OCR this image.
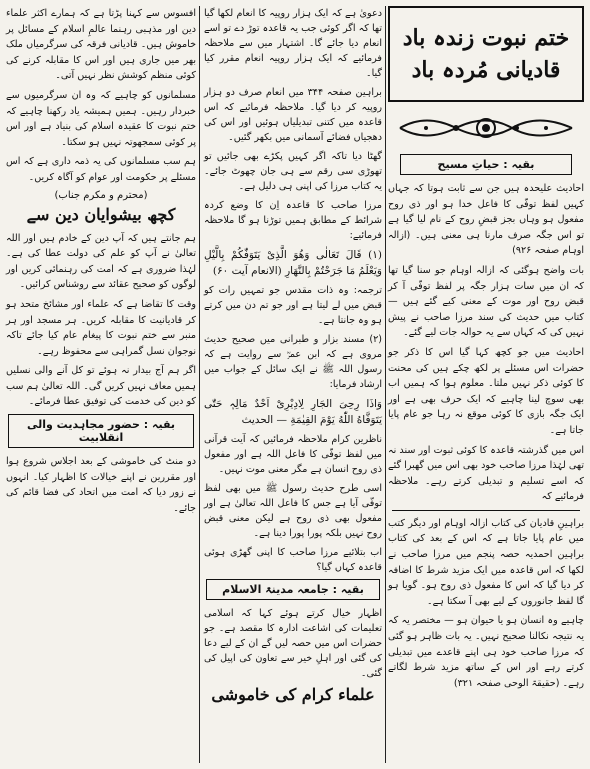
ختم نبوت زندہ باد
قادیانی مُردہ باد
بقیہ : حیاتِ مسیح

احادیث علیحدہ ہیں جن سے ثابت ہوتا کہ جہاں کہیں لفظ توفّی کا فاعل خدا ہو اور ذی روح مفعول ہو وہاں بجز قبضِ روح کے نام لیا گیا ہے تو اس جگہ صرف مارنا ہی معنی ہیں۔ (ازالہ اوہام صفحہ ۹۲۶)

بات واضح ہوگئی کہ ازالہ اوہام جو سنا گیا تھا کہ ان میں سات ہزار جگہ پر لفظ توفّی آ کر قبض روح اور موت کے معنی کیے گئے ہیں — کتاب میں حدیث کی سند مرزا صاحب نے پیش نہیں کی کہ کہاں سے یہ حوالہ جات لیے گئے۔

احادیث میں جو کچھ کہا گیا اس کا ذکر جو حضرات اس مسئلے پر لکھ چکے ہیں کی محنت کا کوئی ذکر نہیں ملتا۔ معلوم ہوا کہ ہمیں اب بھی سوچ لینا چاہیے کہ ایک حرف بھی ہے اور ایک جگہ بازی کا کوئی موقع نہ رہا جو عام پایا جاتا ہے۔

اس میں گذرشتہ قاعدہ کا کوئی ثبوت اور سند نہ تھی لہٰذا مرزا صاحب خود بھی اس میں گھبرا گئے کہ اسے تسلیم و تبدیلی کرتے رہے۔ ملاحظہ فرمائیے کہ

براہینِ قادیان کی کتاب ازالہ اوہام اور دیگر کتب میں عام پایا جاتا ہے کہ اس کے بعد کی کتاب براہین احمدیہ حصہ پنجم میں مرزا صاحب نے لکھا کہ اس قاعدہ میں ایک مزید شرط کا اضافہ کر دیا گیا کہ اس کا مفعول ذی روح ہو۔ گویا ہو گا لفظ جانوروں کے لیے بھی آ سکتا ہے۔

چاہیے وہ انسان ہو یا حیوان ہو — مختصر یہ کہ یہ نتیجہ نکالنا صحیح نہیں۔ یہ بات ظاہر ہو گئی کہ مرزا صاحب خود ہی اپنے قاعدے میں تبدیلی کرتے رہے اور اس کے ساتھ مزید شرط لگاتے رہے۔ (حقیقۃ الوحی صفحہ ۳۲۱)

دعویٰ ہے کہ ایک ہزار روپیہ کا انعام لکھا گیا تھا کہ اگر کوئی جب یہ قاعدہ توڑ دے تو اسے انعام دیا جائے گا۔ اشتہار میں سے ملاحظہ فرمائیے کہ ایک ہزار روپیہ انعام مقرر کیا گیا۔

براہین صفحہ ۳۴۴ میں انعام صرف دو ہزار روپیہ کر دیا گیا۔ ملاحظہ فرمائیے کہ اس قاعدہ میں کتنی تبدیلیاں ہوئیں اور اس کی دھجیاں فضائے آسمانی میں بکھر گئیں۔

گھٹا دیا تاکہ اگر کہیں پکڑے بھی جائیں تو تھوڑی سی رقم سے ہی جان چھوٹ جائے۔ یہ کتاب مرزا کی اپنی ہی دلیل ہے۔

مرزا صاحب کا قاعدہ اِن کا وضع کردہ شرائط کے مطابق ہمیں توڑنا ہو گا ملاحظہ فرمائیے:

(۱) قَالَ تَعَالٰی وَهُوَ الَّذِیْ یَتَوَفّٰکُمْ بِالَّیْلِ وَیَعْلَمُ مَا جَرَحْتُمْ بِالنَّهَارِ (الانعام آیت ۶۰)

ترجمہ: وہ ذات مقدس جو تمہیں رات کو قبض میں لے لیتا ہے اور جو تم دن میں کرتے ہو وہ جانتا ہے۔

(۲) مسند بزار و طبرانی میں صحیح حدیث مروی ہے کہ ابن عمرؓ سے روایت ہے کہ رسول اللہ ﷺ نے ایک سائل کے جواب میں ارشاد فرمایا:

وَاذَا رِحِیَ الجَارِ لِادِیْرِیْ اَحْدٌ مَالِہٖ حَتّٰی یَتَوَفَّاهُ اللّٰهُ یَوْمَ القِیٰمَةِ — الحدیث

ناظرین کرام ملاحظہ فرمائیں کہ آیت قرآنی میں لفظ توفّی کا فاعل اللہ ہے اور مفعول ذی روح انسان ہے مگر معنی موت نہیں۔

اسی طرح حدیث رسول ﷺ میں بھی لفظ توفّی آیا ہے جس کا فاعل اللہ تعالیٰ ہے اور مفعول بھی ذی روح ہے لیکن معنی قبض روح نہیں بلکہ پورا پورا دینا ہے۔

اب بتلائیے مرزا صاحب کا اپنی گھڑی ہوئی قاعدہ کہاں گیا؟

بقیہ : جامعہ مدینۃ الاسلام

اظہار خیال کرتے ہوئے کہا کہ اسلامی تعلیمات کی اشاعت ادارہ کا مقصد ہے۔ جو حضرات اس میں حصہ لیں گے ان کے لیے دعا کی گئی اور اہلِ خیر سے تعاون کی اپیل کی گئی۔

علماء کرام کی خاموشی

افسوس سے کہنا پڑتا ہے کہ ہمارے اکثر علماء دین اور مذہبی رہنما عالمِ اسلام کے مسائل پر خاموش ہیں۔ قادیانی فرقہ کی سرگرمیاں ملک بھر میں جاری ہیں اور اس کا مقابلہ کرنے کی کوئی منظم کوشش نظر نہیں آتی۔

مسلمانوں کو چاہیے کہ وہ ان سرگرمیوں سے خبردار رہیں۔ ہمیں ہمیشہ یاد رکھنا چاہیے کہ ختم نبوت کا عقیدہ اسلام کی بنیاد ہے اور اس پر کوئی سمجھوتہ نہیں ہو سکتا۔

ہم سب مسلمانوں کی یہ ذمہ داری ہے کہ اس مسئلے پر حکومت اور عوام کو آگاہ کریں۔

(محترم و مکرم جناب)
کچھ بیشوایان دین سے

ہم جانتے ہیں کہ آپ دین کے خادم ہیں اور اللہ تعالیٰ نے آپ کو علم کی دولت عطا کی ہے۔ لہٰذا ضروری ہے کہ امت کی رہنمائی کریں اور لوگوں کو صحیح عقائد سے روشناس کرائیں۔

وقت کا تقاضا ہے کہ علماء اور مشائخ متحد ہو کر قادیانیت کا مقابلہ کریں۔ ہر مسجد اور ہر منبر سے ختم نبوت کا پیغام عام کیا جائے تاکہ نوجوان نسل گمراہی سے محفوظ رہے۔

اگر ہم آج بیدار نہ ہوئے تو کل آنے والی نسلیں ہمیں معاف نہیں کریں گی۔ اللہ تعالیٰ ہم سب کو دین کی خدمت کی توفیق عطا فرمائے۔

بقیہ : حضور مجاہدیت والی انقلابیت

دو منٹ کی خاموشی کے بعد اجلاس شروع ہوا اور مقررین نے اپنے خیالات کا اظہار کیا۔ انہوں نے زور دیا کہ امت میں اتحاد کی فضا قائم کی جائے۔
